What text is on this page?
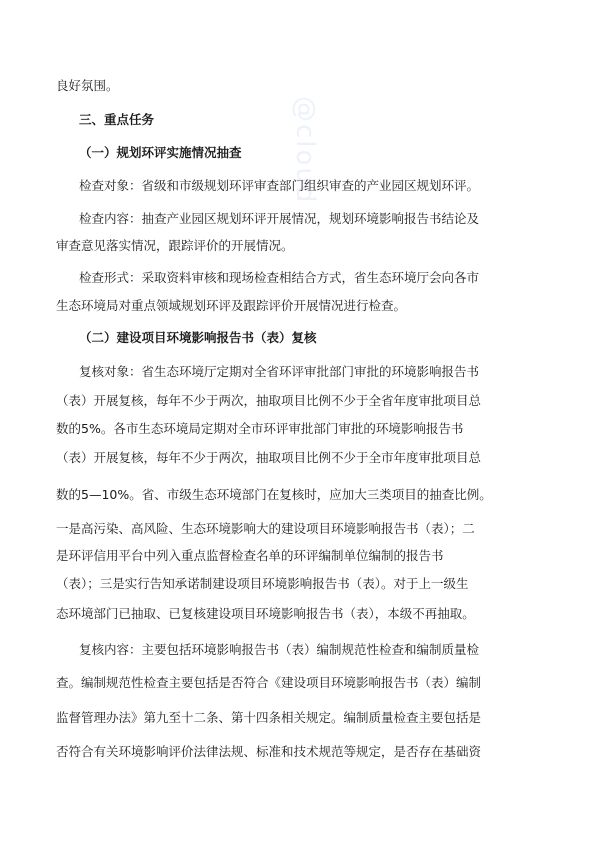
@cloud
良好氛围。
三、重点任务
（一）规划环评实施情况抽查
检查对象：省级和市级规划环评审查部门组织审查的产业园区规划环评。
检查内容：抽查产业园区规划环评开展情况，规划环境影响报告书结论及
审查意见落实情况，跟踪评价的开展情况。
检查形式：采取资料审核和现场检查相结合方式，省生态环境厅会向各市
生态环境局对重点领域规划环评及跟踪评价开展情况进行检查。
（二）建设项目环境影响报告书（表）复核
复核对象：省生态环境厅定期对全省环评审批部门审批的环境影响报告书
（表）开展复核，每年不少于两次，抽取项目比例不少于全省年度审批项目总
数的5%。各市生态环境局定期对全市环评审批部门审批的环境影响报告书
（表）开展复核，每年不少于两次，抽取项目比例不少于全市年度审批项目总
数的5—10%。省、市级生态环境部门在复核时，应加大三类项目的抽查比例。
一是高污染、高风险、生态环境影响大的建设项目环境影响报告书（表）；二
是环评信用平台中列入重点监督检查名单的环评编制单位编制的报告书
（表）；三是实行告知承诺制建设项目环境影响报告书（表）。对于上一级生
态环境部门已抽取、已复核建设项目环境影响报告书（表），本级不再抽取。
复核内容：主要包括环境影响报告书（表）编制规范性检查和编制质量检
查。编制规范性检查主要包括是否符合《建设项目环境影响报告书（表）编制
监督管理办法》第九至十二条、第十四条相关规定。编制质量检查主要包括是
否符合有关环境影响评价法律法规、标准和技术规范等规定，是否存在基础资
